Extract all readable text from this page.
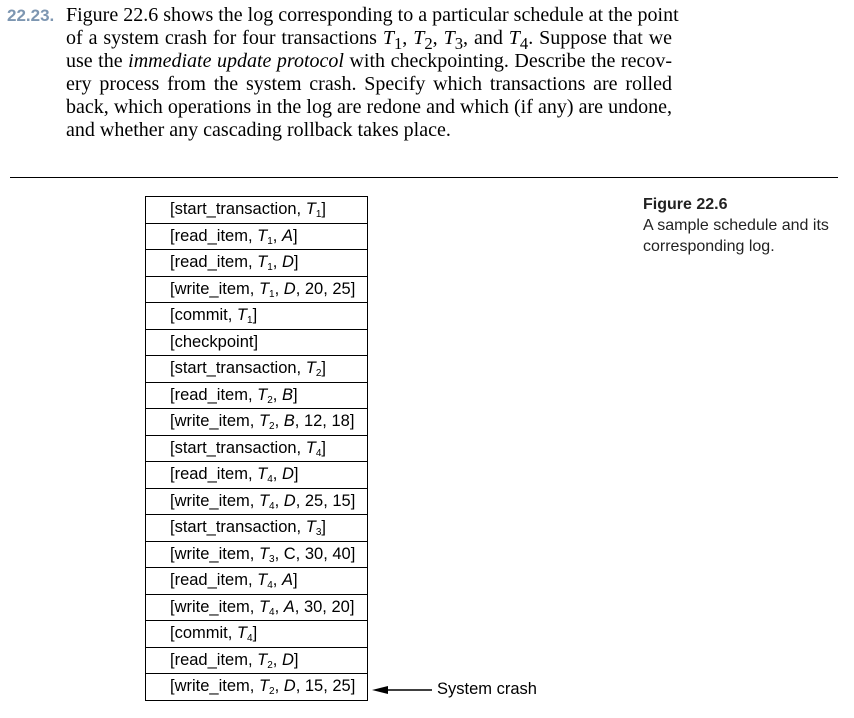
22.23. Figure 22.6 shows the log corresponding to a particular schedule at the point
of a system crash for four transactions $T_1$, $T_2$, $T_3$, and $T_4$. Suppose that we
use the immediate update protocol with checkpointing. Describe the recov-
ery process from the system crash. Specify which transactions are rolled
back, which operations in the log are redone and which (if any) are undone,
and whether any cascading rollback takes place.
[start_transaction, $T_1$]
[read_item, $T_1$, A]
[read_item, $T_1$, D]
[write_item, $T_1$, D, 20, 25]
[commit, $T_1$]
[checkpoint]
[start_transaction, $T_2$]
[read_item, $T_2$, B]
[write_item, $T_2$, B, 12, 18]
[start_transaction, $T_4$]
[read_item, $T_4$, D]
[write_item, $T_4$, D, 25, 15]
[start_transaction, $T_3$]
[write_item, $T_3$, C, 30, 40]
[read_item, $T_4$, A]
[write_item, $T_4$, A, 30, 20]
[commit, $T_4$]
[read_item, $T_2$, D]
[write_item, $T_2$, D, 15, 25]
Figure 22.6
A sample schedule and its corresponding log.
System crash
